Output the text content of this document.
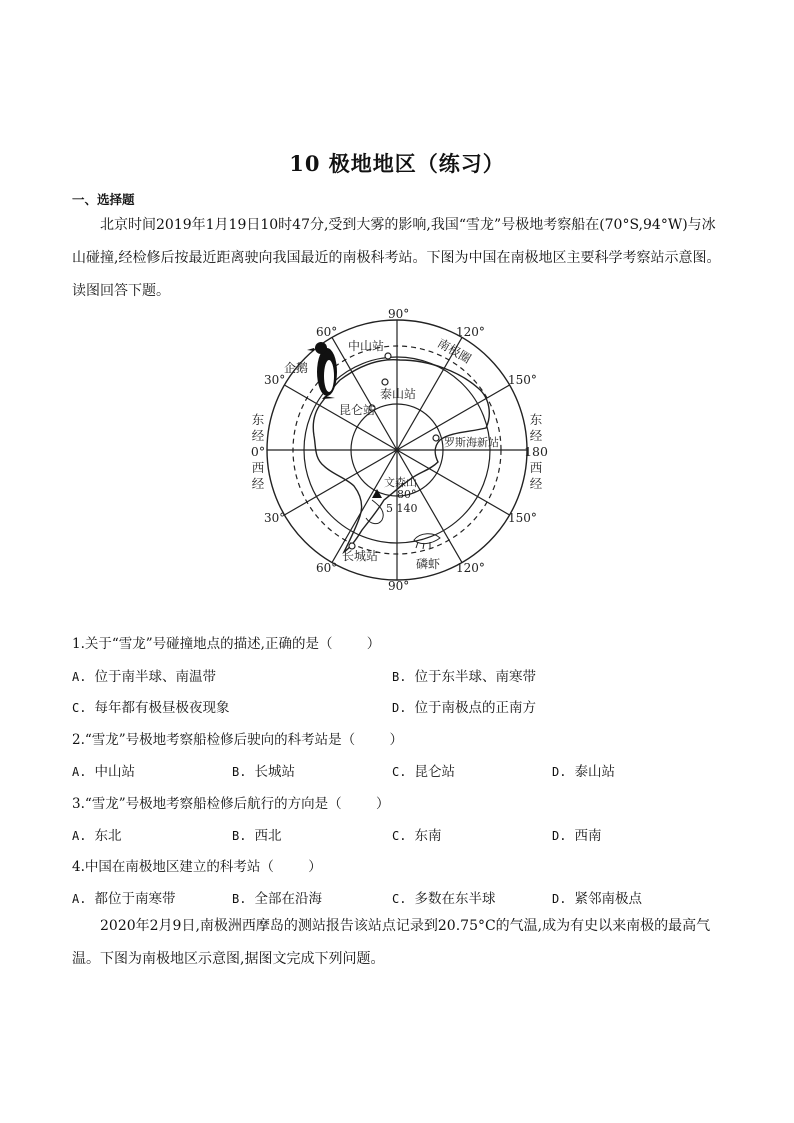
10 极地地区（练习）
一、选择题

北京时间2019年1月19日10时47分,受到大雾的影响,我国“雪龙”号极地考察船在(70°S,94°W)与冰山碰撞,经检修后按最近距离驶向我国最近的南极科考站。下图为中国在南极地区主要科学考察站示意图。读图回答下题。

90°
90°
60°	120°
30°
30°
150°
150°
60°	120°
东
经
0°
西
经
东
经
180
西
经
中山站	南极圈
泰山站
昆仑站
罗斯海新站
文森山
80°
5 140
长城站
磷虾
企鹅
1.关于“雪龙”号碰撞地点的描述,正确的是（        ）
A. 位于南半球、南温带	B. 位于东半球、南寒带
C. 每年都有极昼极夜现象	D. 位于南极点的正南方
2.“雪龙”号极地考察船检修后驶向的科考站是（        ）
A. 中山站	B. 长城站	C. 昆仑站	D. 泰山站
3.“雪龙”号极地考察船检修后航行的方向是（        ）
A. 东北	B. 西北	C. 东南	D. 西南
4.中国在南极地区建立的科考站（        ）
A. 都位于南寒带	B. 全部在沿海	C. 多数在东半球	D. 紧邻南极点

2020年2月9日,南极洲西摩岛的测站报告该站点记录到20.75°C的气温,成为有史以来南极的最高气温。下图为南极地区示意图,据图文完成下列问题。
